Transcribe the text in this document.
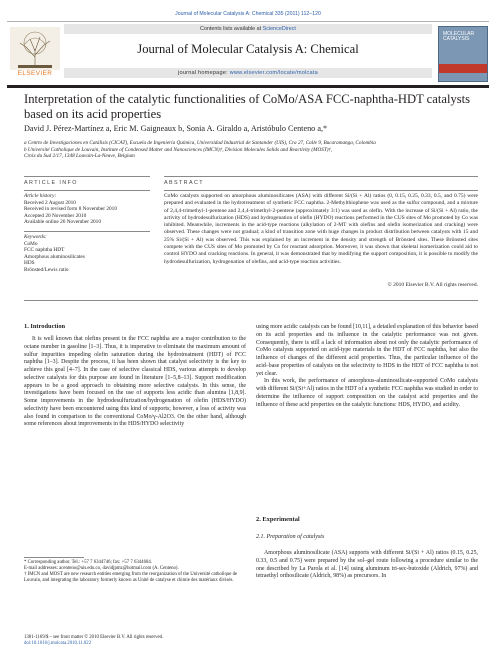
Journal of Molecular Catalysis A: Chemical 335 (2011) 112–120
ELSEVIER
Contents lists available at ScienceDirect
Journal of Molecular Catalysis A: Chemical
journal homepage: www.elsevier.com/locate/molcata
MOLECULAR CATALYSIS
Interpretation of the catalytic functionalities of CoMo/ASA FCC-naphtha-HDT catalysts based on its acid properties
David J. Pérez-Martínez a, Eric M. Gaigneaux b, Sonia A. Giraldo a, Aristóbulo Centeno a,*
a Centro de Investigaciones en Catálisis (CICAT), Escuela de Ingeniería Química, Universidad Industrial de Santander (UIS), Cra 27, Calle 9, Bucaramanga, Colombia
b Université Catholique de Louvain, Institute of Condensed Matter and Nanosciences (IMCN)†, Division Molecules Solids and Reactivity (MOST)†,
Croix du Sud 2/17, 1348 Louvain-La-Neuve, Belgium
ARTICLE INFO
Article history:
Received 2 August 2010
Received in revised form 8 November 2010
Accepted 20 November 2010
Available online 26 November 2010
Keywords:
CoMo
FCC naphtha HDT
Amorphous aluminosilicates
HDS
Brönsted/Lewis ratio
ABSTRACT
CoMo catalysts supported on amorphous aluminosilicates (ASA) with different Si/(Si + Al) ratios (0, 0.15, 0.25, 0.33, 0.5, and 0.75) were prepared and evaluated in the hydrotreatment of synthetic FCC naphtha. 2-Methylthiophene was used as the sulfur compound, and a mixture of 2,4,4-trimethyl-1-pentene and 2,4,4-trimethyl-2-pentene (approximately 3:1) was used as olefin. With the increase of Si/(Si + Al) ratio, the activity of hydrodesulfurization (HDS) and hydrogenation of olefin (HYDO) reactions performed in the CUS sites of Mo promoted by Co was inhibited. Meanwhile, increments in the acid-type reactions (alkylation of 2-MT with olefins and olefin isomerization and cracking) were observed. These changes were not gradual; a kind of transition zone with huge changes in product distribution between catalysts with 15 and 25% Si/(Si + Al) was observed. This was explained by an increment in the density and strength of Brönsted sites. These Brönsted sites compete with the CUS sites of Mo promoted by Co for reactant adsorption. Moreover, it was shown that skeletal isomerization could aid to control HYDO and cracking reactions. In general, it was demonstrated that by modifying the support composition, it is possible to modify the hydrodesulfurization, hydrogenation of olefins, and acid-type reaction activities.
© 2010 Elsevier B.V. All rights reserved.
1. Introduction

It is well known that olefins present in the FCC naphtha are a major contribution to the octane number in gasoline [1–3]. Thus, it is imperative to eliminate the maximum amount of sulfur impurities impeding olefin saturation during the hydrotreatment (HDT) of FCC naphtha [1–3]. Despite the process, it has been shown that catalyst selectivity is the key to achieve this goal [4–7]. In the case of selective classical HDS, various attempts to develop selective catalysts for this purpose are found in literature [1–5,8–13]. Support modification appears to be a good approach to obtaining more selective catalysts. In this sense, the investigations have been focused on the use of supports less acidic than alumina [1,8,9]. Some improvements in the hydrodesulfurization/hydrogenation of olefin (HDS/HYDO) selectivity have been encountered using this kind of supports; however, a loss of activity was also found in comparison to the conventional CoMo/γ-Al2O3. On the other hand, although some references about improvements in the HDS/HYDO selectivity

using more acidic catalysts can be found [10,11], a detailed explanation of this behavior based on its acid properties and its influence in the catalytic performance was not given. Consequently, there is still a lack of information about not only the catalytic performance of CoMo catalysts supported on acid-type materials in the HDT of FCC naphtha, but also the influence of changes of the different acid properties. Thus, the particular influence of the acid–base properties of catalysts on the selectivity to HDS in the HDT of FCC naphtha is not yet clear.

In this work, the performance of amorphous-aluminosilicate-supported CoMo catalysts with different Si/(Si+Al) ratios in the HDT of a synthetic FCC naphtha was studied in order to determine the influence of support composition on the catalyst acid properties and the influence of these acid properties on the catalytic functions: HDS, HYDO, and acidity.

2. Experimental
2.1. Preparation of catalysts

Amorphous aluminosilicate (ASA) supports with different Si/(Si + Al) ratios (0.15, 0.25, 0.33, 0.5 and 0.75) were prepared by the sol–gel route following a procedure similar to the one described by La Parola et al. [14] using aluminum tri-sec-butoxide (Aldrich, 97%) and tetraethyl orthosilicate (Aldrich, 98%) as precursors. In

* Corresponding author. Tel.: +57 7 6344746; fax: +57 7 6344684.
E-mail addresses: acenteno@uis.edu.co, davidjpmz@hotmail.com (A. Centeno).
† IMCN and MOST are new research entities emerging from the reorganization of the Université catholique de Louvain, and integrating the laboratory formerly known as Unité de catalyse et chimie des matériaux divisés.
1381-1169/$ – see front matter © 2010 Elsevier B.V. All rights reserved.
doi:10.1016/j.molcata.2010.11.022
